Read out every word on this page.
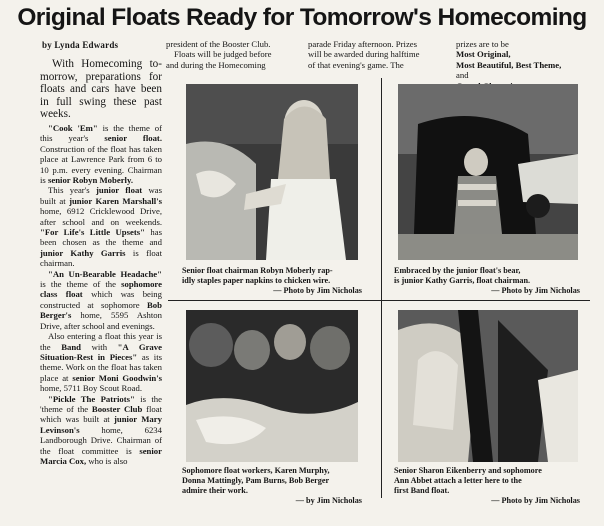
Original Floats Ready for Tomorrow's Homecoming
by Lynda Edwards

With Homecoming to-morrow, preparations for floats and cars have been in full swing these past weeks.

"Cook 'Em" is the theme of this year's senior float. Construction of the float has taken place at Lawrence Park from 6 to 10 p.m. every evening. Chairman is senior Robyn Moberly.

This year's junior float was built at junior Karen Marshall's home, 6912 Cricklewood Drive, after school and on weekends. "For Life's Little Upsets" has been chosen as the theme and junior Kathy Garris is float chairman.

"An Un-Bearable Headache" is the theme of the sophomore class float which was being constructed at sophomore Bob Berger's home, 5595 Ashton Drive, after school and evenings.

Also entering a float this year is the Band with "A Grave Situation-Rest in Pieces" as its theme. Work on the float has taken place at senior Moni Goodwin's home, 5711 Boy Scout Road.

"Pickle The Patriots" is the 'theme of the Booster Club float which was built at junior Mary Levinson's home, 6234 Landborough Drive. Chairman of the float committee is senior Marcia Cox, who is also

president of the Booster Club.
Floats will be judged before
and during the Homecoming
parade Friday afternoon. Prizes
will be awarded during halftime
of that evening's game. The
prizes are to be
Most Original,
Most Beautiful, Best Theme,
and
Senior float chairman Robyn Moberly rap-
idly staples paper napkins to chicken wire.
— Photo by Jim Nicholas
Embraced by the junior float's bear,
is junior Kathy Garris, float chairman.
— Photo by Jim Nicholas
Sophomore float workers, Karen Murphy,
Donna Mattingly, Pam Burns, Bob Berger
admire their work.
— by Jim Nicholas
Senior Sharon Eikenberry and sophomore
Ann Abbet attach a letter here to the
first Band float.
— Photo by Jim Nicholas
